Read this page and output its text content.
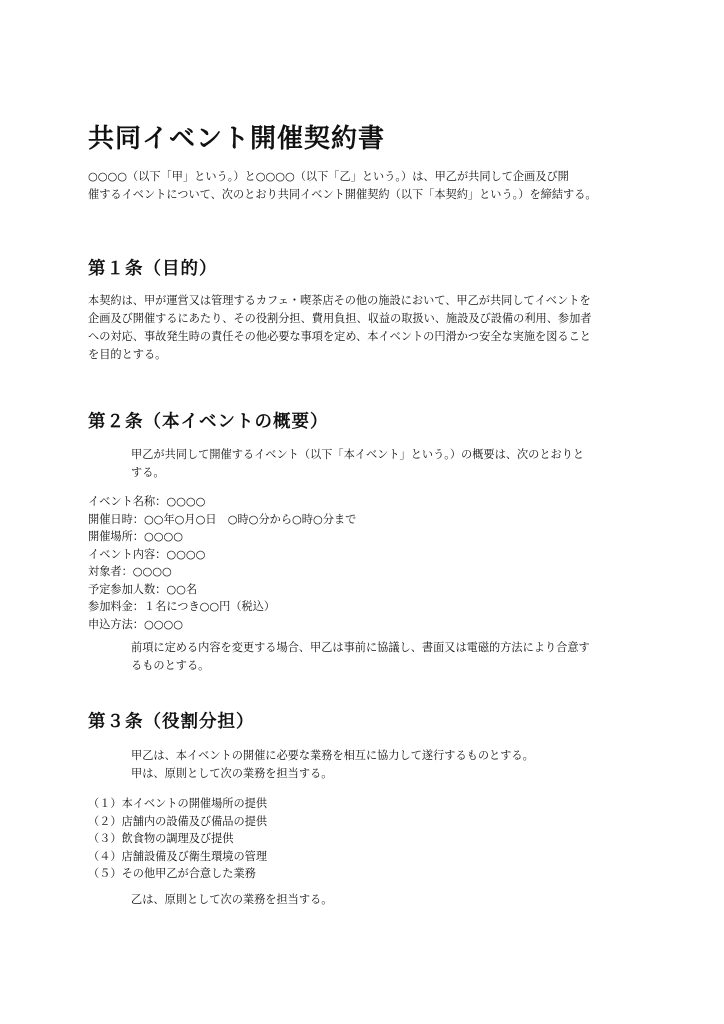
共同イベント開催契約書

○○○○（以下「甲」という。）と○○○○（以下「乙」という。）は、甲乙が共同して企画及び開
催するイベントについて、次のとおり共同イベント開催契約（以下「本契約」という。）を締結する。

第１条（目的）

本契約は、甲が運営又は管理するカフェ・喫茶店その他の施設において、甲乙が共同してイベントを
企画及び開催するにあたり、その役割分担、費用負担、収益の取扱い、施設及び設備の利用、参加者
への対応、事故発生時の責任その他必要な事項を定め、本イベントの円滑かつ安全な実施を図ること
を目的とする。

第２条（本イベントの概要）

甲乙が共同して開催するイベント（以下「本イベント」という。）の概要は、次のとおりと
する。

イベント名称：○○○○
開催日時：○○年○月○日　○時○分から○時○分まで
開催場所：○○○○
イベント内容：○○○○
対象者：○○○○
予定参加人数：○○名
参加料金：１名につき○○円（税込）
申込方法：○○○○

前項に定める内容を変更する場合、甲乙は事前に協議し、書面又は電磁的方法により合意す
るものとする。

第３条（役割分担）

甲乙は、本イベントの開催に必要な業務を相互に協力して遂行するものとする。
甲は、原則として次の業務を担当する。

（１）本イベントの開催場所の提供
（２）店舗内の設備及び備品の提供
（３）飲食物の調理及び提供
（４）店舗設備及び衛生環境の管理
（５）その他甲乙が合意した業務

乙は、原則として次の業務を担当する。
